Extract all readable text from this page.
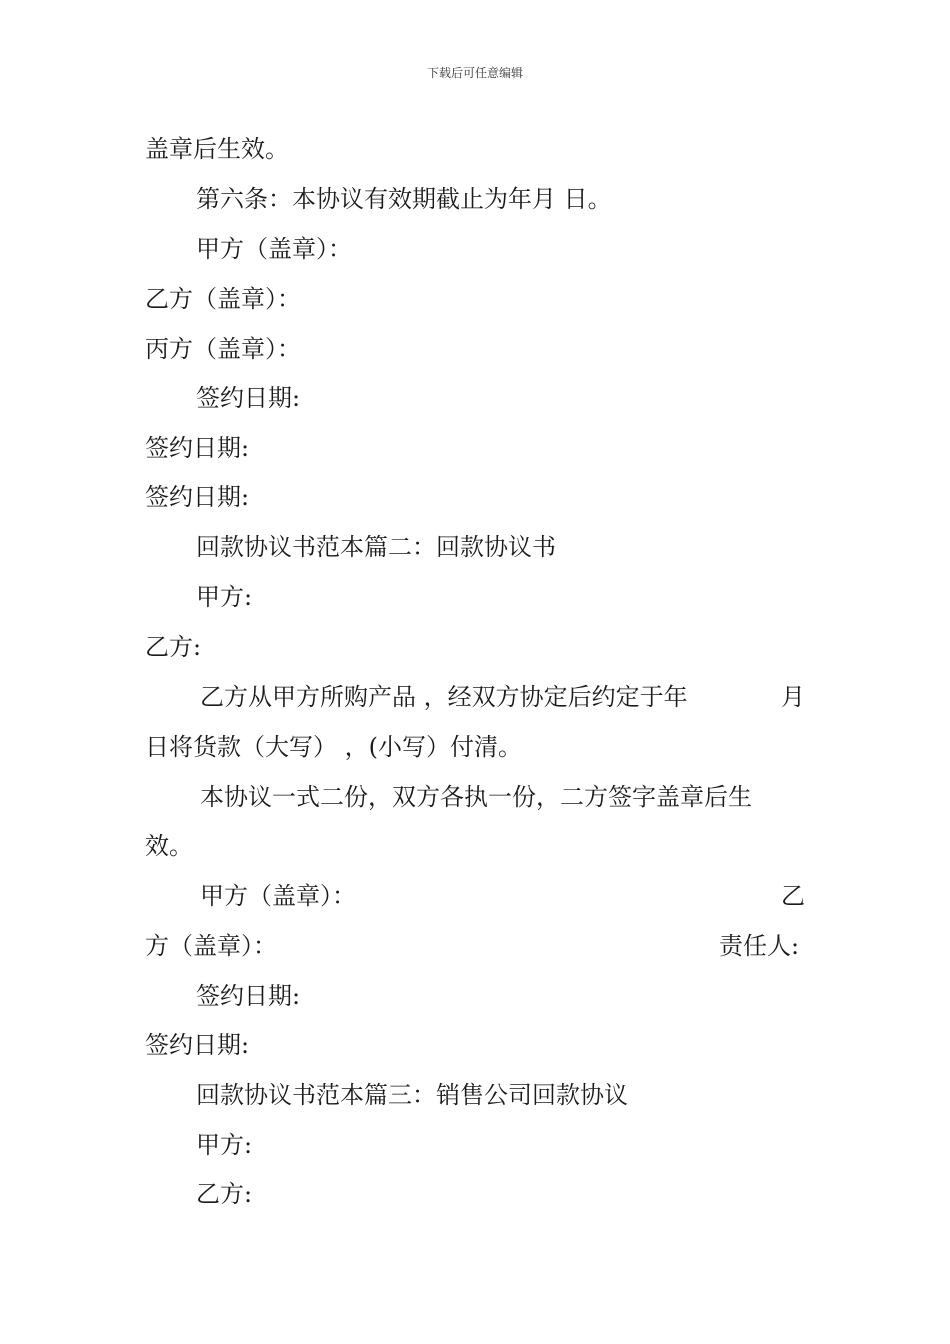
下载后可任意编辑
盖章后生效。
第六条：本协议有效期截止为年月 日。
甲方（盖章）：
乙方（盖章）：
丙方（盖章）：
签约日期:
签约日期:
签约日期:
回款协议书范本篇二：回款协议书
甲方:
乙方:
乙方从甲方所购产品 ，经双方协定后约定于年	月
日将货款（大写） ，(小写）付清。
本协议一式二份，双方各执一份，二方签字盖章后生
效。
甲方（盖章）：	乙
方（盖章）：	责任人:
签约日期:
签约日期:
回款协议书范本篇三：销售公司回款协议
甲方:
乙方:
